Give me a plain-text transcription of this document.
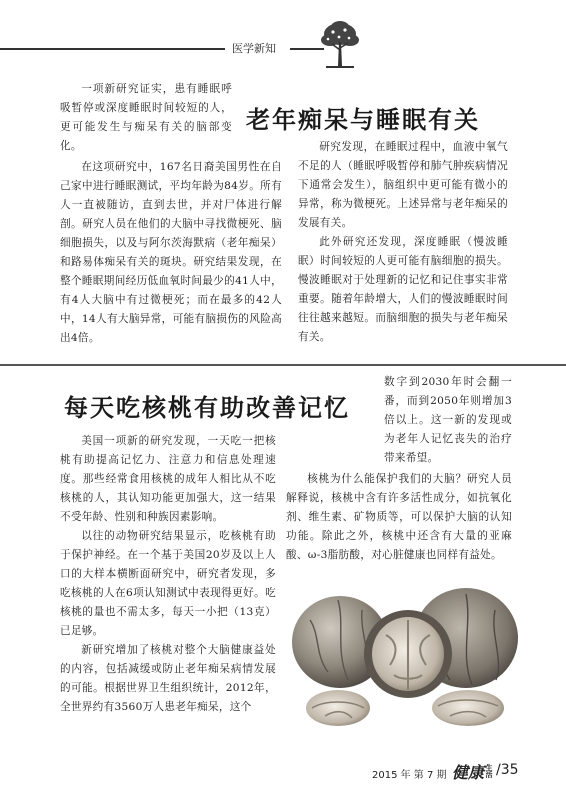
医学新知

一项新研究证实，患有睡眠呼吸暂停或深度睡眠时间较短的人，更可能发生与痴呆有关的脑部变化。

老年痴呆与睡眠有关

在这项研究中，167名日裔美国男性在自己家中进行睡眠测试，平均年龄为84岁。所有人一直被随访，直到去世，并对尸体进行解剖。研究人员在他们的大脑中寻找微梗死、脑细胞损失，以及与阿尔茨海默病（老年痴呆）和路易体痴呆有关的斑块。研究结果发现，在整个睡眠期间经历低血氧时间最少的41人中，有4人大脑中有过微梗死；而在最多的42人中，14人有大脑异常，可能有脑损伤的风险高出4倍。

研究发现，在睡眠过程中，血液中氧气不足的人（睡眠呼吸暂停和肺气肿疾病情况下通常会发生），脑组织中更可能有微小的异常，称为微梗死。上述异常与老年痴呆的发展有关。

此外研究还发现，深度睡眠（慢波睡眠）时间较短的人更可能有脑细胞的损失。慢波睡眠对于处理新的记忆和记住事实非常重要。随着年龄增大，人们的慢波睡眠时间往往越来越短。而脑细胞的损失与老年痴呆有关。

每天吃核桃有助改善记忆

数字到2030年时会翻一番，而到2050年则增加3倍以上。这一新的发现或为老年人记忆丧失的治疗带来希望。

核桃为什么能保护我们的大脑？研究人员解释说，核桃中含有许多活性成分，如抗氧化剂、维生素、矿物质等，可以保护大脑的认知功能。除此之外，核桃中还含有大量的亚麻酸、ω-3脂肪酸，对心脏健康也同样有益处。

美国一项新的研究发现，一天吃一把核桃有助提高记忆力、注意力和信息处理速度。那些经常食用核桃的成年人相比从不吃核桃的人，其认知功能更加强大，这一结果不受年龄、性别和种族因素影响。

以往的动物研究结果显示，吃核桃有助于保护神经。在一个基于美国20岁及以上人口的大样本横断面研究中，研究者发现，多吃核桃的人在6项认知测试中表现得更好。吃核桃的量也不需太多，每天一小把（13克）已足够。

新研究增加了核桃对整个大脑健康益处的内容，包括减缓或防止老年痴呆病情发展的可能。根据世界卫生组织统计，2012年，全世界约有3560万人患老年痴呆，这个

2015 年 第 7 期 健康 生活 /35
